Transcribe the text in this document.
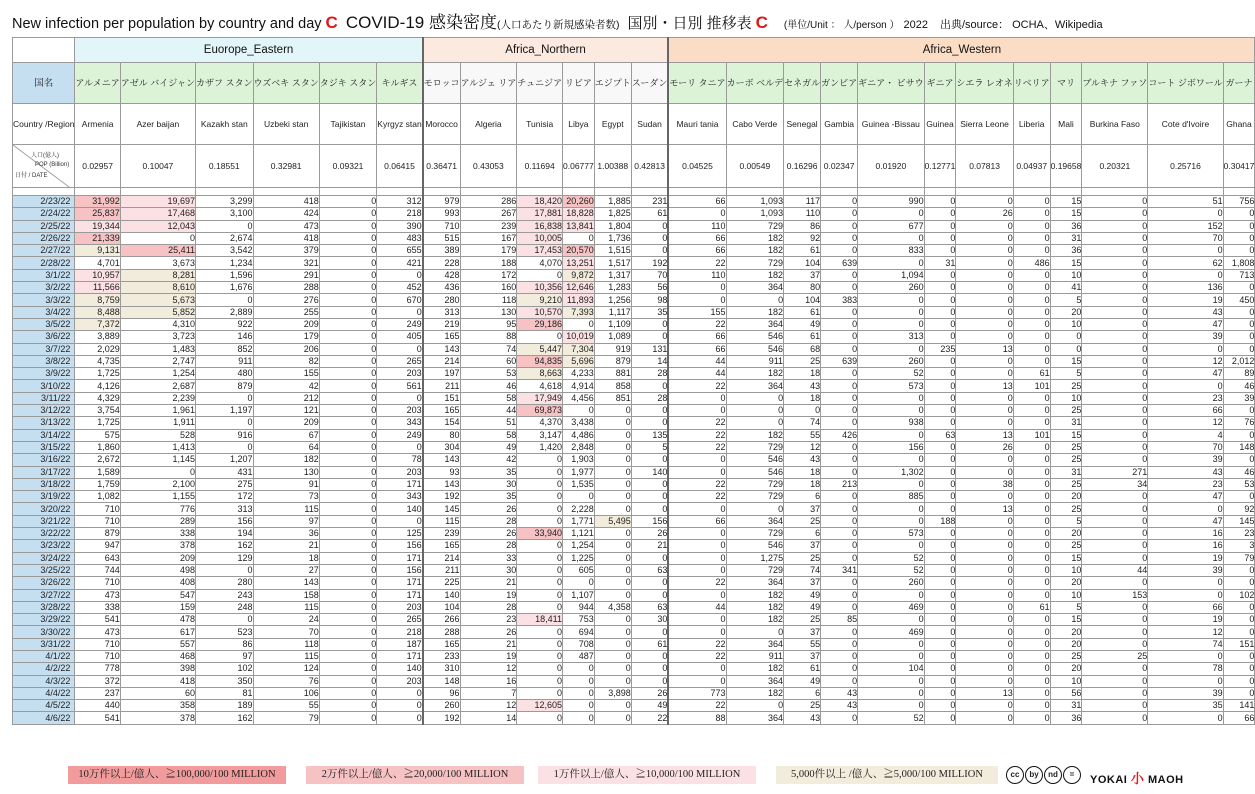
New infection per population by country and day C COVID-19 感染密度(人口あたり新規感染者数) 国別・日別 推移表 C (単位/Unit ： 人/person ） 2022 出典/source： OCHA、Wikipedia
	Euorope_Eastern						Africa_Northern						Africa_Western											
国名	アルメニア	アゼル バイジャン	カザフ スタン	ウズベキ スタン	タジキ スタン	キルギス	モロッコ	アルジェ リア	チュニジア	リビア	エジプト	スーダン	モーリ タニア	カーボ ベルデ	セネガル	ガンビア	ギニア・ ビサウ	ギニア	シエラ レオネ	リベリア	マリ	ブルキナ ファソ	コート ジボワール	ガーナ
Country /Region	Armenia	Azer baijan	Kazakh stan	Uzbeki stan	Tajikistan	Kyrgyz stan	Morocco	Algeria	Tunisia	Libya	Egypt	Sudan	Mauri tania	Cabo Verde	Senegal	Gambia	Guinea -Bissau	Guinea	Sierra Leone	Liberia	Mali	Burkina Faso	Cote d'Ivoire	Ghana

人口(億人)
POP (Billion)
日付 / DATE	0.02957	0.10047	0.18551	0.32981	0.09321	0.06415	0.36471	0.43053	0.11694	0.06777	1.00388	0.42813	0.04525	0.00549	0.16296	0.02347	0.01920	0.12771	0.07813	0.04937	0.19658	0.20321	0.25716	0.30417

2/23/22	31,992	19,697	3,299	418	0	312	979	286	18,420	20,260	1,885	231	66	1,093	117	0	990	0	0	0	15	0	51	756
2/24/22	25,837	17,468	3,100	424	0	218	993	267	17,881	18,828	1,825	61	0	1,093	110	0	0	0	26	0	15	0	0	0
2/25/22	19,344	12,043	0	473	0	390	710	239	16,838	13,841	1,804	0	110	729	86	0	677	0	0	0	36	0	152	0
2/26/22	21,339	0	2,674	418	0	483	515	167	10,005	0	1,736	0	66	182	92	0	0	0	0	0	31	0	70	0
2/27/22	9,131	25,411	3,542	379	0	655	389	179	17,453	20,570	1,515	0	66	182	61	0	833	0	0	0	36	0	0	0
2/28/22	4,701	3,673	1,234	321	0	421	228	188	4,070	13,251	1,517	192	22	729	104	639	0	31	0	486	15	0	62	1,808
3/1/22	10,957	8,281	1,596	291	0	0	428	172	0	9,872	1,317	70	110	182	37	0	1,094	0	0	0	10	0	0	713
3/2/22	11,566	8,610	1,676	288	0	452	436	160	10,356	12,646	1,283	56	0	364	80	0	260	0	0	0	41	0	136	0
3/3/22	8,759	5,673	0	276	0	670	280	118	9,210	11,893	1,256	98	0	0	104	383	0	0	0	0	5	0	19	450
3/4/22	8,488	5,852	2,889	255	0	0	313	130	10,570	7,393	1,117	35	155	182	61	0	0	0	0	0	20	0	43	0
3/5/22	7,372	4,310	922	209	0	249	219	95	29,186	0	1,109	0	22	364	49	0	0	0	0	0	10	0	47	0
3/6/22	3,889	3,723	146	179	0	405	165	88	0	10,019	1,089	0	66	546	61	0	313	0	0	0	0	0	39	0
3/7/22	2,029	1,483	852	206	0	0	143	74	5,447	7,304	919	131	66	546	68	0	0	235	13	0	0	0	0	0
3/8/22	4,735	2,747	911	82	0	265	214	60	94,835	5,696	879	14	44	911	25	639	260	0	0	0	15	0	12	2,012
3/9/22	1,725	1,254	480	155	0	203	197	53	8,663	4,233	881	28	44	182	18	0	52	0	0	61	5	0	47	89
3/10/22	4,126	2,687	879	42	0	561	211	46	4,618	4,914	858	0	22	364	43	0	573	0	13	101	25	0	0	46
3/11/22	4,329	2,239	0	212	0	0	151	58	17,949	4,456	851	28	0	0	18	0	0	0	0	0	10	0	23	39
3/12/22	3,754	1,961	1,197	121	0	203	165	44	69,873	0	0	0	0	0	0	0	0	0	0	0	25	0	66	0
3/13/22	1,725	1,911	0	209	0	343	154	51	4,370	3,438	0	0	22	0	74	0	938	0	0	0	31	0	12	76
3/14/22	575	528	916	67	0	249	80	58	3,147	4,486	0	135	22	182	55	426	0	63	13	101	15	0	4	0
3/15/22	1,860	1,413	0	64	0	0	304	49	1,420	2,848	0	5	22	729	12	0	156	0	26	0	25	0	70	148
3/16/22	2,672	1,145	1,207	182	0	78	143	42	0	1,903	0	0	0	546	43	0	0	0	0	0	25	0	39	0
3/17/22	1,589	0	431	130	0	203	93	35	0	1,977	0	140	0	546	18	0	1,302	0	0	0	31	271	43	46
3/18/22	1,759	2,100	275	91	0	171	143	30	0	1,535	0	0	22	729	18	213	0	0	38	0	25	34	23	53
3/19/22	1,082	1,155	172	73	0	343	192	35	0	0	0	0	22	729	6	0	885	0	0	0	20	0	47	0
3/20/22	710	776	313	115	0	140	145	26	0	2,228	0	0	0	0	37	0	0	0	13	0	25	0	0	92
3/21/22	710	289	156	97	0	0	115	28	0	1,771	5,495	156	66	364	25	0	0	188	0	0	5	0	47	145
3/22/22	879	338	194	36	0	125	239	26	33,940	1,121	0	26	0	729	6	0	573	0	0	0	20	0	16	23
3/23/22	947	378	162	21	0	156	165	28	0	1,254	0	21	0	546	37	0	0	0	0	0	25	0	16	3
3/24/22	643	209	129	18	0	171	214	33	0	1,225	0	0	0	1,275	25	0	52	0	0	0	15	0	19	79
3/25/22	744	498	0	27	0	156	211	30	0	605	0	63	0	729	74	341	52	0	0	0	10	44	39	0
3/26/22	710	408	280	143	0	171	225	21	0	0	0	0	22	364	37	0	260	0	0	0	20	0	0	0
3/27/22	473	547	243	158	0	171	140	19	0	1,107	0	0	0	182	49	0	0	0	0	0	10	153	0	102
3/28/22	338	159	248	115	0	203	104	28	0	944	4,358	63	44	182	49	0	469	0	0	61	5	0	66	0
3/29/22	541	478	0	24	0	265	266	23	18,411	753	0	30	0	182	25	85	0	0	0	0	15	0	19	0
3/30/22	473	617	523	70	0	218	288	26	0	694	0	0	0	0	37	0	469	0	0	0	20	0	12	0
3/31/22	710	557	86	118	0	187	165	21	0	708	0	61	22	364	55	0	0	0	0	0	20	0	74	151
4/1/22	710	468	97	115	0	171	233	19	0	487	0	0	22	911	37	0	0	0	0	0	25	25	0	0
4/2/22	778	398	102	124	0	140	310	12	0	0	0	0	0	182	61	0	104	0	0	0	20	0	78	0
4/3/22	372	418	350	76	0	203	148	16	0	0	0	0	0	364	49	0	0	0	0	0	10	0	0	0
4/4/22	237	60	81	106	0	0	96	7	0	0	3,898	26	773	182	6	43	0	0	13	0	56	0	39	0
4/5/22	440	358	189	55	0	0	260	12	12,605	0	0	49	22	0	25	43	0	0	0	0	31	0	35	141
4/6/22	541	378	162	79	0	0	192	14	0	0	0	22	88	364	43	0	52	0	0	0	36	0	0	66
10万件以上/億人、≧100,000/100 MILLION	2万件以上/億人、≧20,000/100 MILLION	1万件以上/億人、≧10,000/100 MILLION	5,000件以上 /億人、≧5,000/100 MILLION	cc by nd =	YOKAI 小 MAOH
